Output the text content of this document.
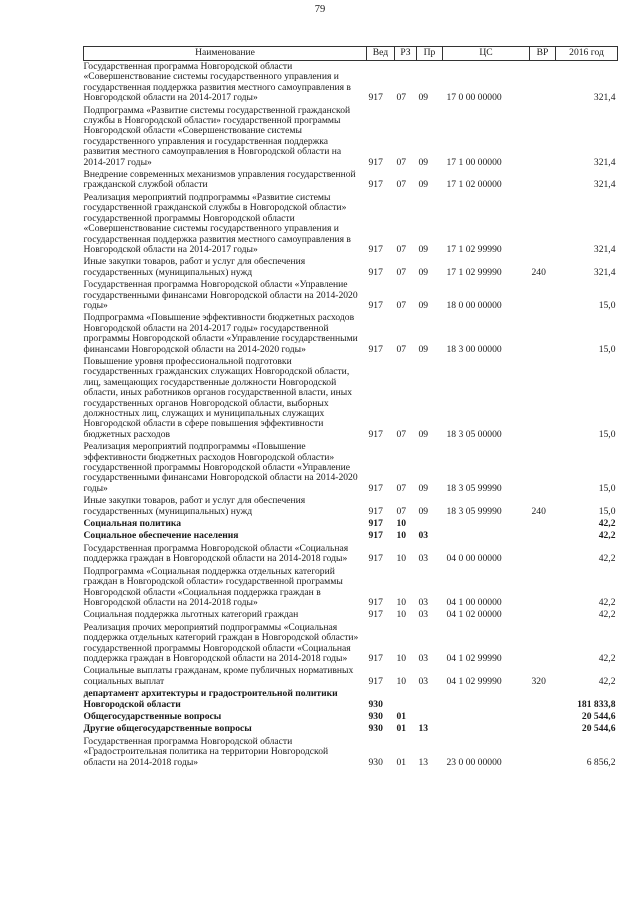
79
Наименование	Вед	РЗ	Пр	ЦС	ВР	2016 год
Государственная программа Новгородской области «Совершенствование системы государственного управления и государственная поддержка развития местного самоуправления в Новгородской области на 2014-2017 годы»	917	07	09	17 0 00 00000		321,4
Подпрограмма «Развитие системы государственной гражданской службы в Новгородской области» государственной программы Новгородской области «Совершенствование системы государственного управления и государственная поддержка развития местного самоуправления в Новгородской области на 2014-2017 годы»	917	07	09	17 1 00 00000		321,4
Внедрение современных механизмов управления государственной гражданской службой области	917	07	09	17 1 02 00000		321,4
Реализация мероприятий подпрограммы «Развитие системы государственной гражданской службы в Новгородской области» государственной программы Новгородской области «Совершенствование системы государственного управления и государственная поддержка развития местного самоуправления в Новгородской области на 2014-2017 годы»	917	07	09	17 1 02 99990		321,4
Иные закупки товаров, работ и услуг для обеспечения государственных (муниципальных) нужд	917	07	09	17 1 02 99990	240	321,4
Государственная программа Новгородской области «Управление государственными финансами Новгородской области на 2014-2020 годы»	917	07	09	18 0 00 00000		15,0
Подпрограмма «Повышение эффективности бюджетных расходов Новгородской области на 2014-2017 годы» государственной программы Новгородской области «Управление государственными финансами Новгородской области на 2014-2020 годы»	917	07	09	18 3 00 00000		15,0
Повышение уровня профессиональной подготовки государственных гражданских служащих Новгородской области, лиц, замещающих государственные должности Новгородской области, иных работников органов государственной власти, иных государственных органов Новгородской области, выборных должностных лиц, служащих и муниципальных служащих Новгородской области в сфере повышения эффективности бюджетных расходов	917	07	09	18 3 05 00000		15,0
Реализация мероприятий подпрограммы «Повышение эффективности бюджетных расходов Новгородской области» государственной программы Новгородской области «Управление государственными финансами Новгородской области на 2014-2020 годы»	917	07	09	18 3 05 99990		15,0
Иные закупки товаров, работ и услуг для обеспечения государственных (муниципальных) нужд	917	07	09	18 3 05 99990	240	15,0
Социальная политика	917	10				42,2
Социальное обеспечение населения	917	10	03			42,2
Государственная программа Новгородской области «Социальная поддержка граждан в Новгородской области на 2014-2018 годы»	917	10	03	04 0 00 00000		42,2
Подпрограмма «Социальная поддержка отдельных категорий граждан в Новгородской области» государственной программы Новгородской области «Социальная поддержка граждан в Новгородской области на 2014-2018 годы»	917	10	03	04 1 00 00000		42,2
Социальная поддержка льготных категорий граждан	917	10	03	04 1 02 00000		42,2
Реализация прочих мероприятий подпрограммы «Социальная поддержка отдельных категорий граждан в Новгородской области» государственной программы Новгородской области «Социальная поддержка граждан в Новгородской области на 2014-2018 годы»	917	10	03	04 1 02 99990		42,2
Социальные выплаты гражданам, кроме публичных нормативных социальных выплат	917	10	03	04 1 02 99990	320	42,2
департамент архитектуры и градостроительной политики Новгородской области	930					181 833,8
Общегосударственные вопросы	930	01				20 544,6
Другие общегосударственные вопросы	930	01	13			20 544,6
Государственная программа Новгородской области «Градостроительная политика на территории Новгородской области на 2014-2018 годы»	930	01	13	23 0 00 00000		6 856,2
